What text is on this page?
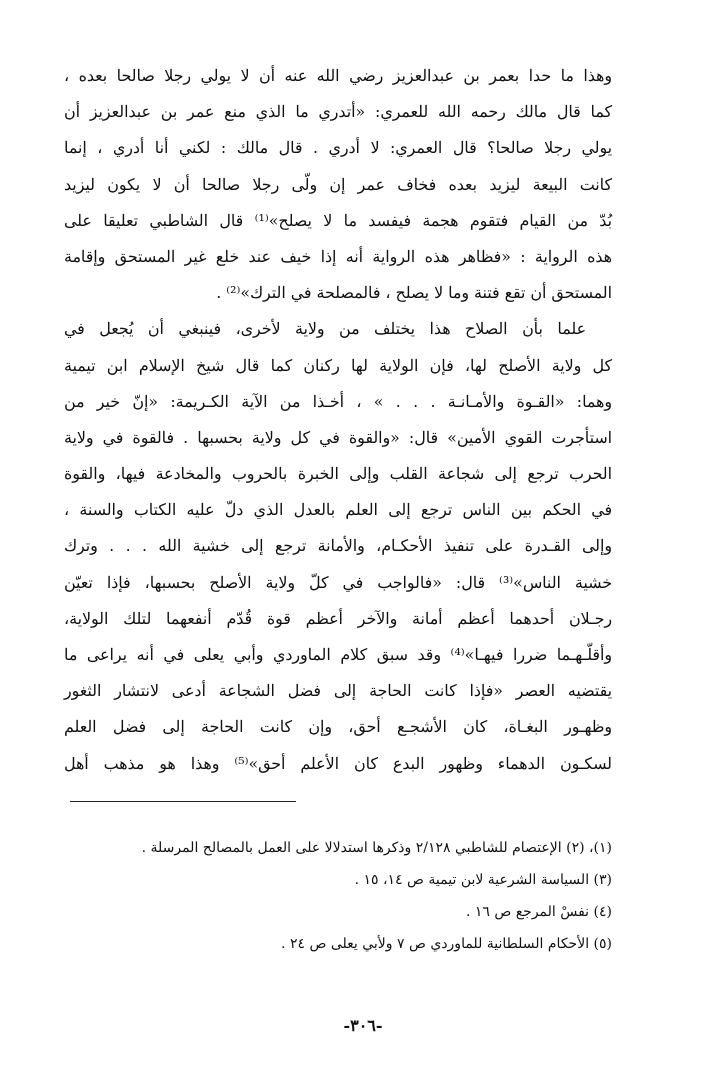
وهذا ما حدا بعمر بن عبدالعزيز رضي الله عنه أن لا يولي رجلا صالحا بعده ،
كما قال مالك رحمه الله للعمري: «أتدري ما الذي منع عمر بن عبدالعزيز أن
يولي رجلا صالحا؟ قال العمري: لا أدري . قال مالك : لكني أنا أدري ، إنما
كانت البيعة ليزيد بعده فخاف عمر إن ولّى رجلا صالحا أن لا يكون ليزيد
بُدّ من القيام فتقوم هجمة فيفسد ما لا يصلح»⁽¹⁾ قال الشاطبي تعليقا على
هذه الرواية : «فظاهر هذه الرواية أنه إذا خيف عند خلع غير المستحق وإقامة
المستحق أن تقع فتنة وما لا يصلح ، فالمصلحة في الترك»⁽²⁾ .
علما بأن الصلاح هذا يختلف من ولاية لأخرى، فينبغي أن يُجعل في
كل ولاية الأصلح لها، فإن الولاية لها ركنان كما قال شيخ الإسلام ابن تيمية
وهما: «القـوة والأمـانـة . . . » ، أخـذا من الآية الكـريمة: «إنّ خير من
استأجرت القوي الأمين» قال: «والقوة في كل ولاية بحسبها . فالقوة في ولاية
الحرب ترجع إلى شجاعة القلب وإلى الخبرة بالحروب والمخادعة فيها، والقوة
في الحكم بين الناس ترجع إلى العلم بالعدل الذي دلّ عليه الكتاب والسنة ،
وإلى القـدرة على تنفيذ الأحكـام، والأمانة ترجع إلى خشية الله . . . وترك
خشية الناس»⁽³⁾ قال: «فالواجب في كلّ ولاية الأصلح بحسبها، فإذا تعيّن
رجـلان أحدهما أعظم أمانة والآخر أعظم قوة قُدّم أنفعهما لتلك الولاية،
وأقلّـهـما ضررا فيهـا»⁽⁴⁾ وقد سبق كلام الماوردي وأبي يعلى في أنه يراعى ما
يقتضيه العصر «فإذا كانت الحاجة إلى فضل الشجاعة أدعى لانتشار الثغور
وظهـور البغـاة، كان الأشجـع أحق، وإن كانت الحاجة إلى فضل العلم
لسكـون الدهماء وظهور البدع كان الأعلم أحق»⁽⁵⁾ وهذا هو مذهب أهل
(١)، (٢) الإعتصام للشاطبي ٢/١٢٨ وذكرها استدلالا على العمل بالمصالح المرسلة .
(٣) السياسة الشرعية لابن تيمية ص ١٤، ١٥ .
(٤) نفسْ المرجع ص ١٦ .
(٥) الأحكام السلطانية للماوردي ص ٧ ولأبي يعلى ص ٢٤ .
-٣٠٦-
